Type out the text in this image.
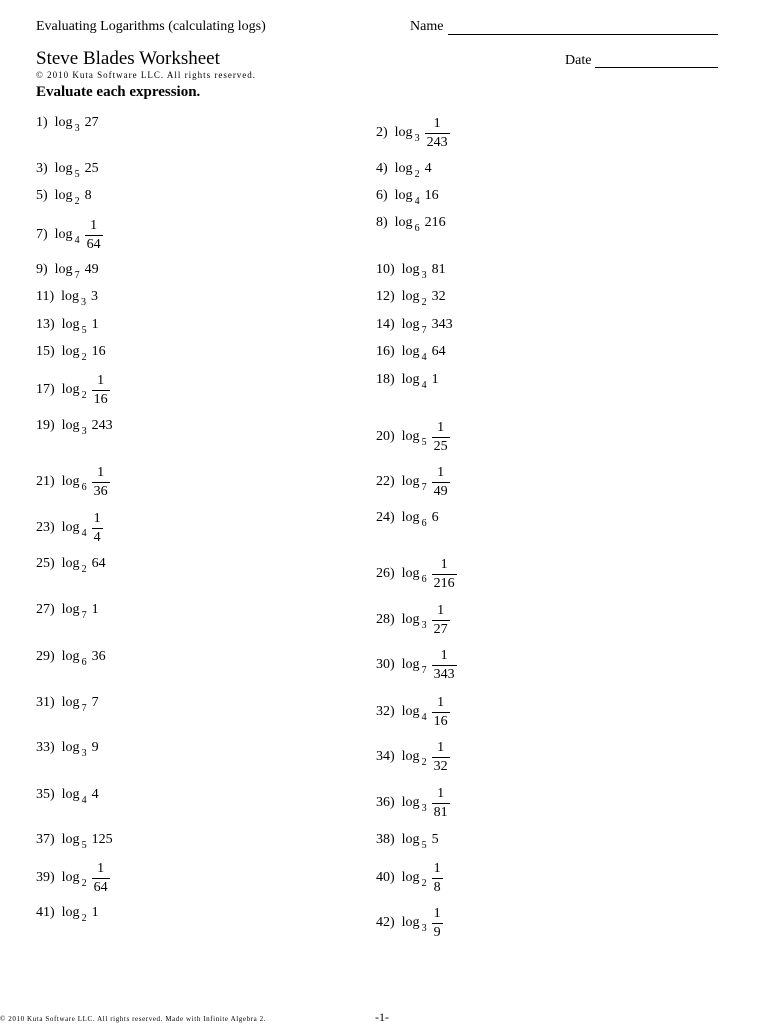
Evaluating Logarithms (calculating logs)	Name
Steve Blades Worksheet	Date
© 2010 Kuta Software LLC. All rights reserved.
Evaluate each expression.
1) log 3 27
2) $\log 3 \frac{1}{243}$
3) log 5 25	4) log 2 4
5) log 2 8	6) log 4 16
7) $\log 4 \frac{1}{64}$	8) log 6 216
9) log 7 49	10) log 3 81
11) log 3 3	12) log 2 32
13) log 5 1	14) log 7 343
15) log 2 16	16) log 4 64
17) $\log 2 \frac{1}{16}$	18) log 4 1
19) log 3 243
20) $\log 5 \frac{1}{25}$
21) $\log 6 \frac{1}{36}$	22) $\log 7 \frac{1}{49}$
23) $\log 4 \frac{1}{4}$	24) log 6 6
25) log 2 64
26) $\log 6 \frac{1}{216}$
27) log 7 1
28) $\log 3 \frac{1}{27}$
29) log 6 36
30) $\log 7 \frac{1}{343}$
31) log 7 7
32) $\log 4 \frac{1}{16}$
33) log 3 9
34) $\log 2 \frac{1}{32}$
35) log 4 4
36) $\log 3 \frac{1}{81}$
37) log 5 125	38) log 5 5
39) $\log 2 \frac{1}{64}$	40) $\log 2 \frac{1}{8}$
41) log 2 1
42) $\log 3 \frac{1}{9}$
© 2010 Kuta Software LLC. All rights reserved. Made with Infinite Algebra 2.	-1-
